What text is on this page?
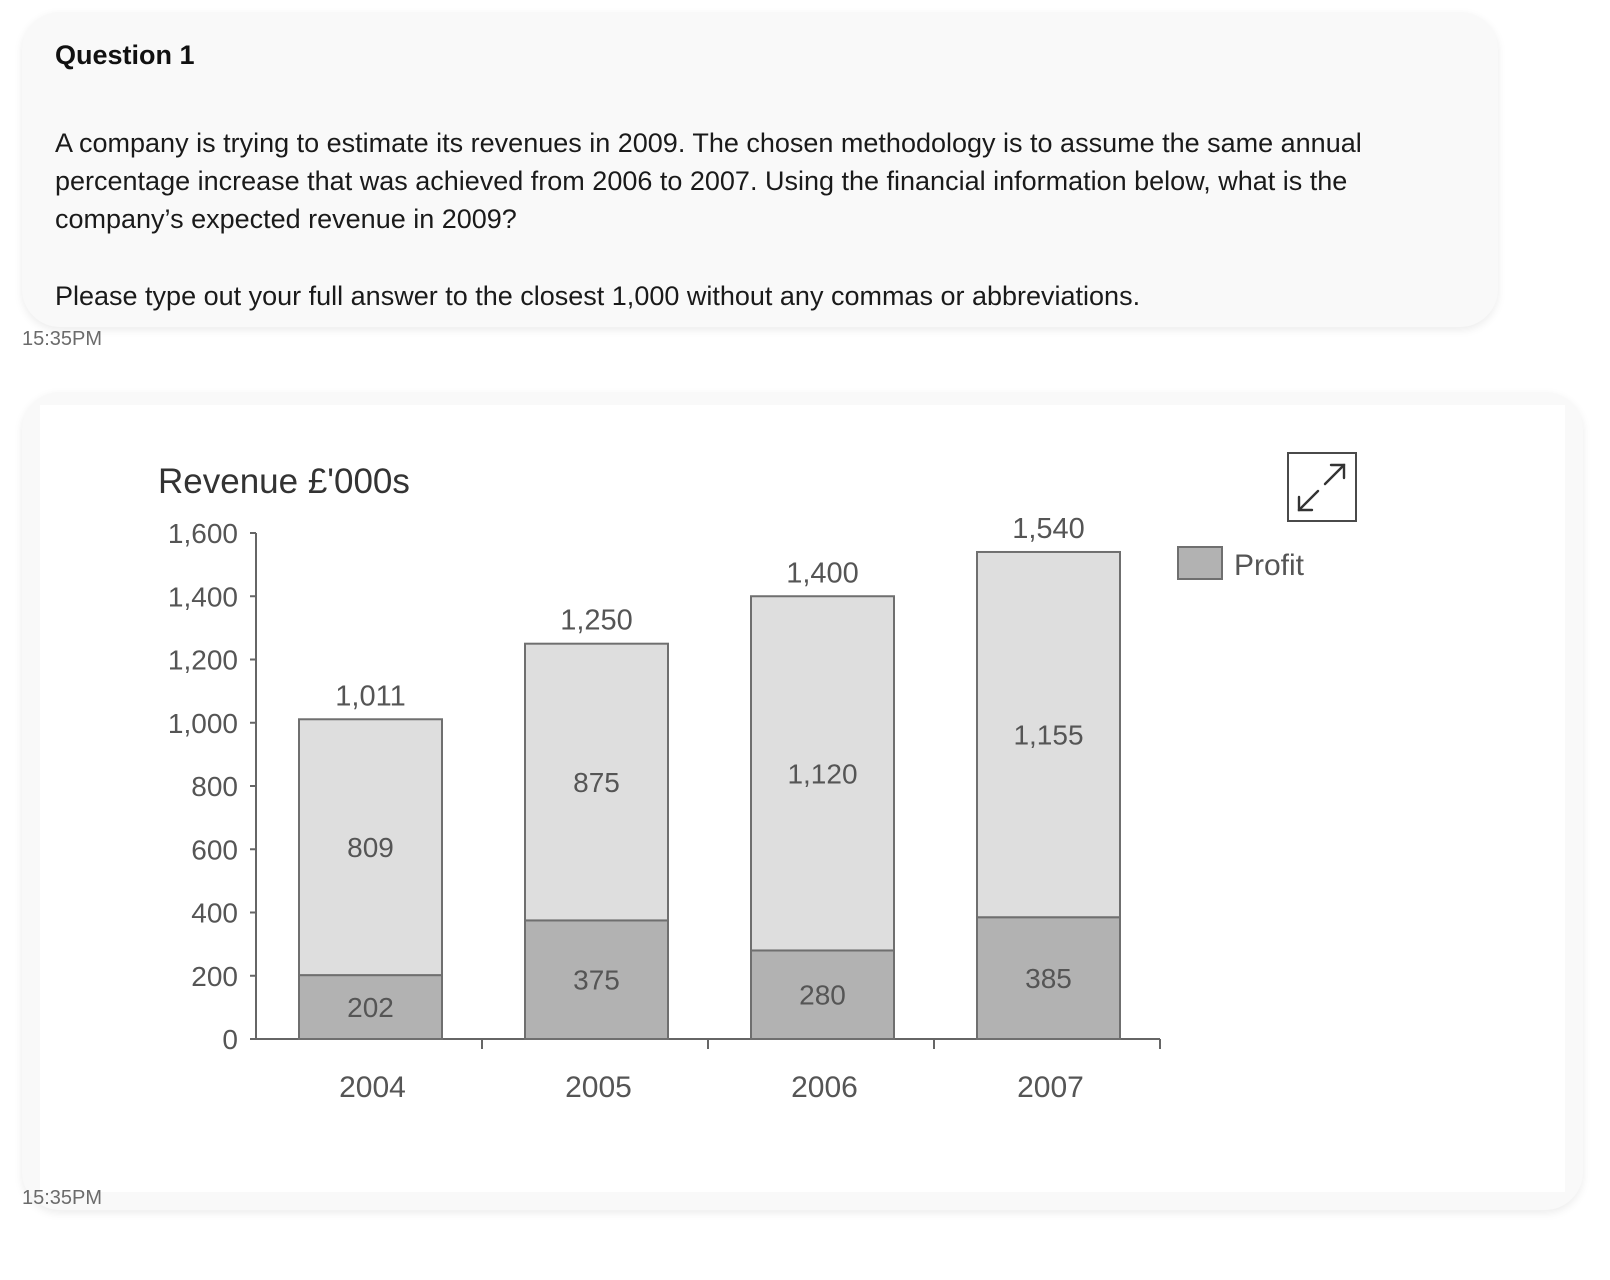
Question 1

A company is trying to estimate its revenues in 2009. The chosen methodology is to assume the same annual percentage increase that was achieved from 2006 to 2007. Using the financial information below, what is the company’s expected revenue in 2009?

Please type out your full answer to the closest 1,000 without any commas or abbreviations.

15:35PM
Revenue £'000s
0
200
400
600
800
1,000
1,200
1,400
1,600
202
809
1,011
2004
375
875
1,250
2005
280
1,120
1,400
2006
385
1,155
1,540
2007
Profit
15:35PM
